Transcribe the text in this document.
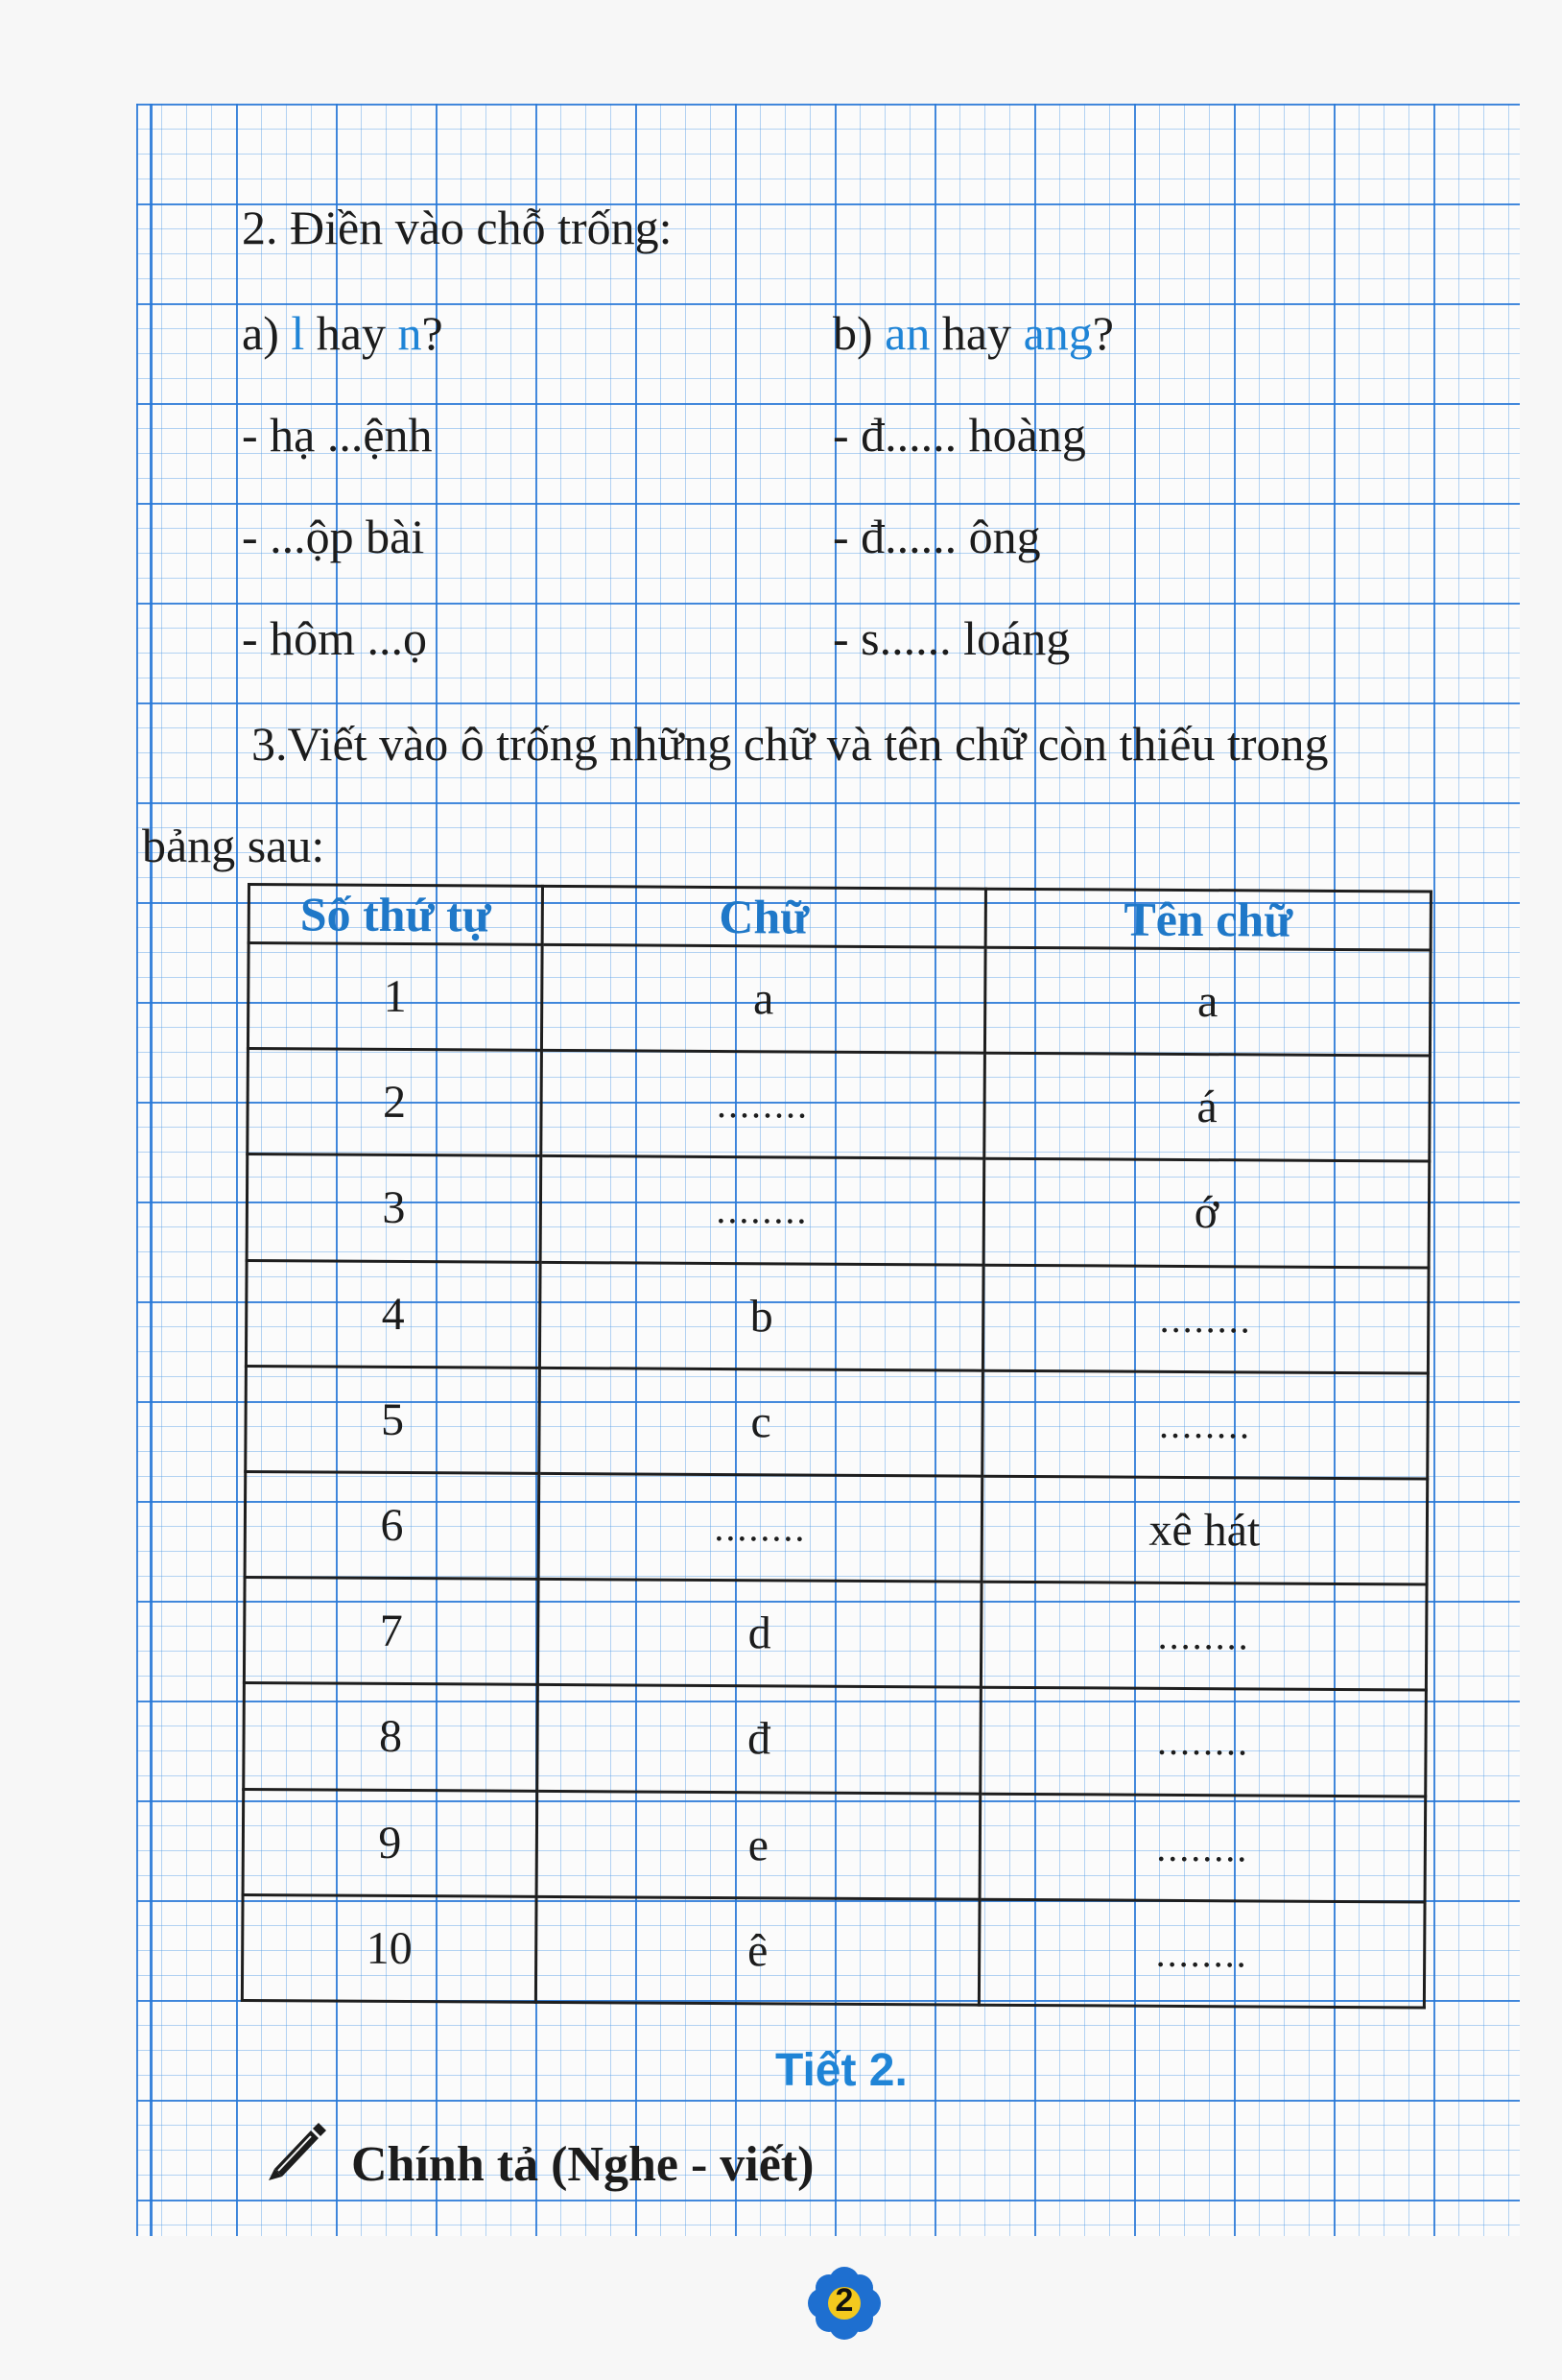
2. Điền vào chỗ trống:
a) l hay n?	b) an hay ang?
- hạ ...ệnh
- ...ộp bài
- hôm ...ọ
- đ...... hoàng
- đ...... ông
- s...... loáng
3.Viết vào ô trống những chữ và tên chữ còn thiếu trong
bảng sau:
Số thứ tự	Chữ	Tên chữ
1	a	a
2	........	á
3	........	ớ
4	b	........
5	c	........
6	........	xê hát
7	d	........
8	đ	........
9	e	........
10	ê	........
Tiết 2.
Chính tả (Nghe - viết)
2
